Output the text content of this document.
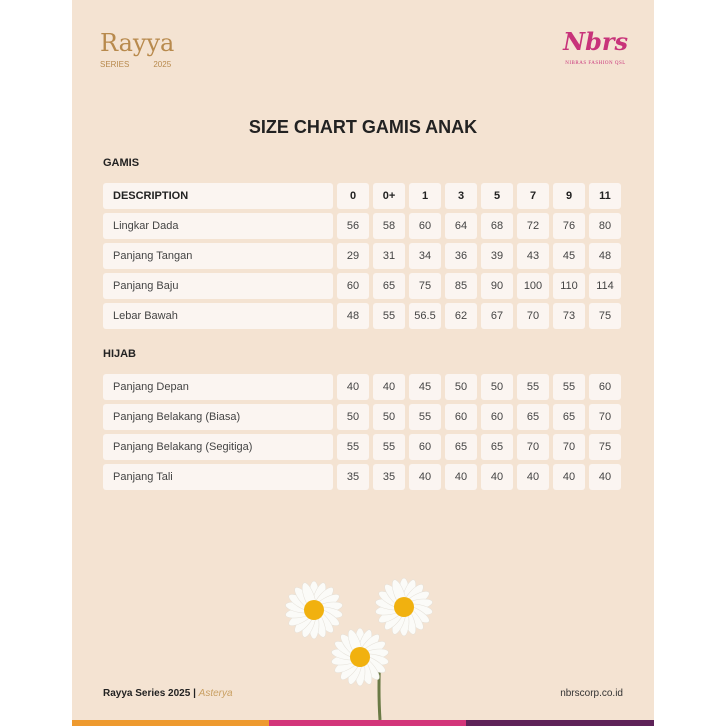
Rayya
SERIES	2025
Nbrs
NIBRAS FASHION QSL
SIZE CHART GAMIS ANAK
GAMIS
HIJAB
Rayya Series 2025 | Asterya	nbrscorp.co.id
DESCRIPTION	0	0+	1	3	5	7	9	11
Lingkar Dada	56	58	60	64	68	72	76	80
Panjang Tangan	29	31	34	36	39	43	45	48
Panjang Baju	60	65	75	85	90	100	110	114
Lebar Bawah	48	55	56.5	62	67	70	73	75
Panjang Depan	40	40	45	50	50	55	55	60
Panjang Belakang (Biasa)	50	50	55	60	60	65	65	70
Panjang Belakang (Segitiga)	55	55	60	65	65	70	70	75
Panjang Tali	35	35	40	40	40	40	40	40
